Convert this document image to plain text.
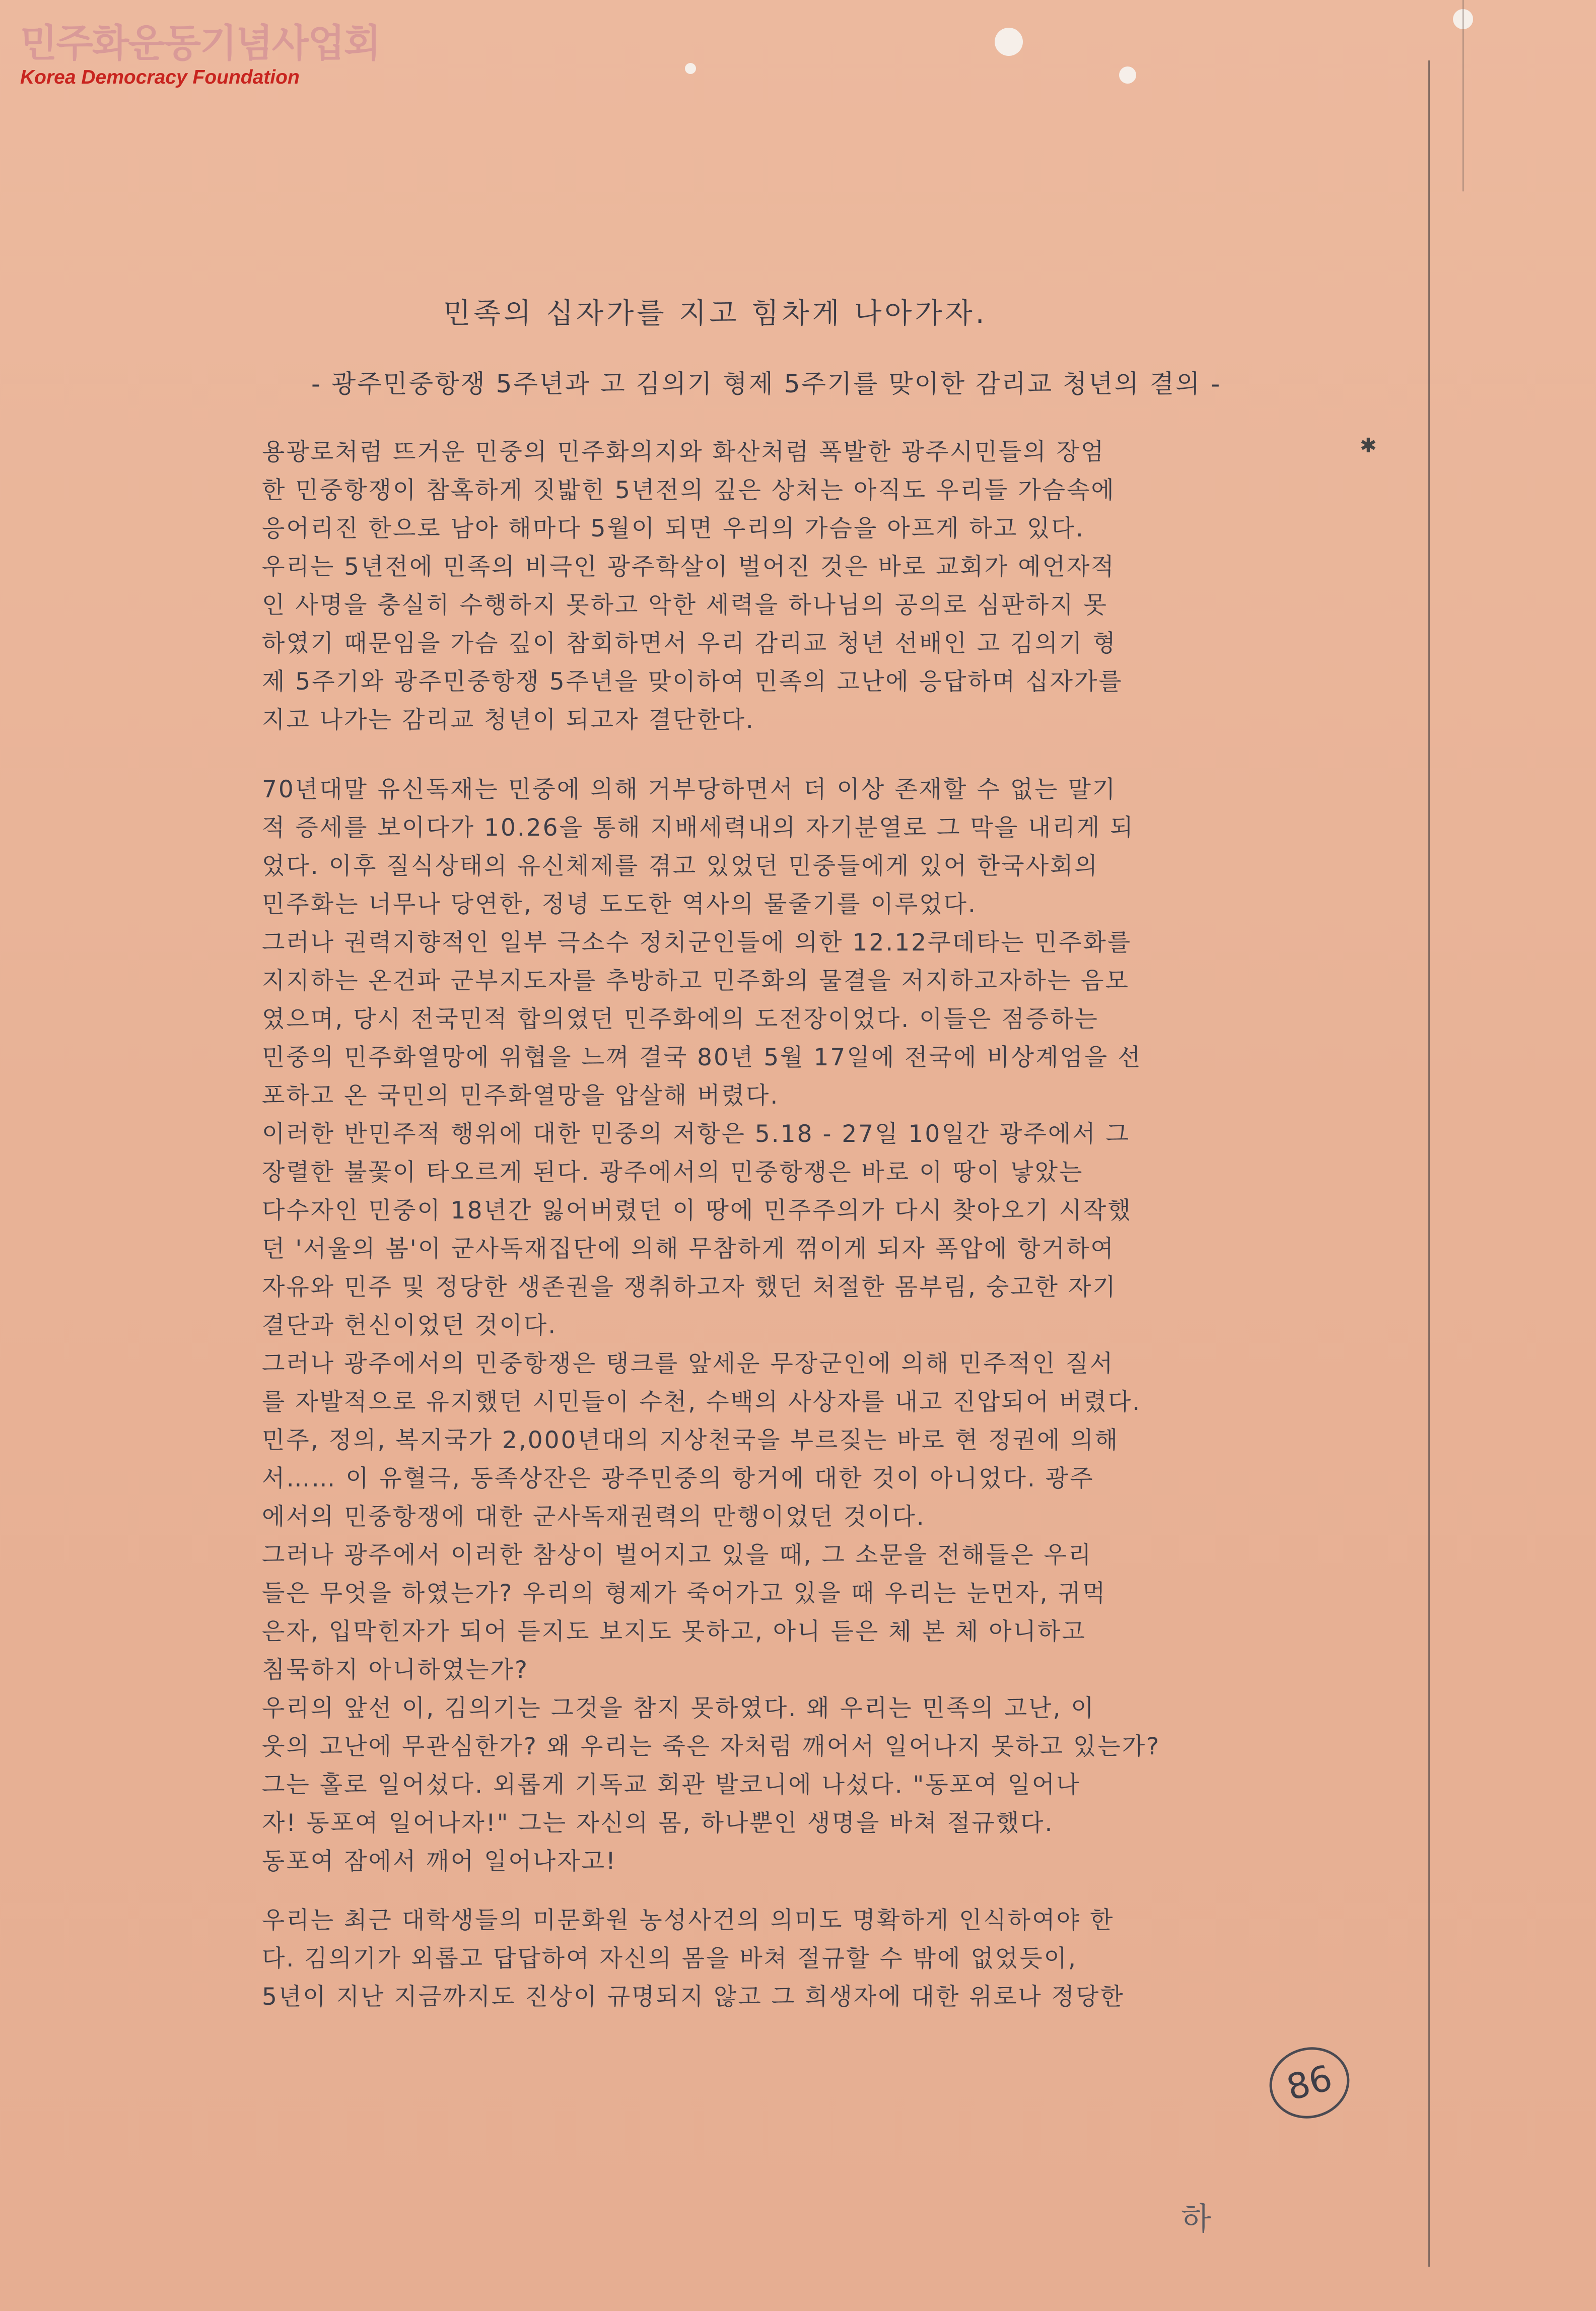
민주화운동기념사업회
Korea Democracy Foundation
✱
민족의 십자가를 지고 힘차게 나아가자.
- 광주민중항쟁 5주년과 고 김의기 형제 5주기를 맞이한 감리교 청년의 결의 -
용광로처럼 뜨거운 민중의 민주화의지와 화산처럼 폭발한 광주시민들의 장엄
한 민중항쟁이 참혹하게 짓밟힌 5년전의 깊은 상처는 아직도 우리들 가슴속에
응어리진 한으로 남아 해마다 5월이 되면 우리의 가슴을 아프게 하고 있다.
우리는 5년전에 민족의 비극인 광주학살이 벌어진 것은 바로 교회가 예언자적
인 사명을 충실히 수행하지 못하고 악한 세력을 하나님의 공의로 심판하지 못
하였기 때문임을 가슴 깊이 참회하면서 우리 감리교 청년 선배인 고 김의기 형
제 5주기와 광주민중항쟁 5주년을 맞이하여 민족의 고난에 응답하며 십자가를
지고 나가는 감리교 청년이 되고자 결단한다.
70년대말 유신독재는 민중에 의해 거부당하면서 더 이상 존재할 수 없는 말기
적 증세를 보이다가 10.26을 통해 지배세력내의 자기분열로 그 막을 내리게 되
었다. 이후 질식상태의 유신체제를 겪고 있었던 민중들에게 있어 한국사회의
민주화는 너무나 당연한, 정녕 도도한 역사의 물줄기를 이루었다.
그러나 권력지향적인 일부 극소수 정치군인들에 의한 12.12쿠데타는 민주화를
지지하는 온건파 군부지도자를 추방하고 민주화의 물결을 저지하고자하는 음모
였으며, 당시 전국민적 합의였던 민주화에의 도전장이었다. 이들은 점증하는
민중의 민주화열망에 위협을 느껴 결국 80년 5월 17일에 전국에 비상계엄을 선
포하고 온 국민의 민주화열망을 압살해 버렸다.
이러한 반민주적 행위에 대한 민중의 저항은 5.18 - 27일 10일간 광주에서 그
장렬한 불꽃이 타오르게 된다. 광주에서의 민중항쟁은 바로 이 땅이 낳았는
다수자인 민중이 18년간 잃어버렸던 이 땅에 민주주의가 다시 찾아오기 시작했
던 '서울의 봄'이 군사독재집단에 의해 무참하게 꺾이게 되자 폭압에 항거하여
자유와 민주 및 정당한 생존권을 쟁취하고자 했던 처절한 몸부림, 숭고한 자기
결단과 헌신이었던 것이다.
그러나 광주에서의 민중항쟁은 탱크를 앞세운 무장군인에 의해 민주적인 질서
를 자발적으로 유지했던 시민들이 수천, 수백의 사상자를 내고 진압되어 버렸다.
민주, 정의, 복지국가 2,000년대의 지상천국을 부르짖는 바로 현 정권에 의해
서…… 이 유혈극, 동족상잔은 광주민중의 항거에 대한 것이 아니었다. 광주
에서의 민중항쟁에 대한 군사독재권력의 만행이었던 것이다.
그러나 광주에서 이러한 참상이 벌어지고 있을 때, 그 소문을 전해들은 우리
들은 무엇을 하였는가? 우리의 형제가 죽어가고 있을 때 우리는 눈먼자, 귀먹
은자, 입막힌자가 되어 듣지도 보지도 못하고, 아니 듣은 체 본 체 아니하고
침묵하지 아니하였는가?
우리의 앞선 이, 김의기는 그것을 참지 못하였다. 왜 우리는 민족의 고난, 이
웃의 고난에 무관심한가? 왜 우리는 죽은 자처럼 깨어서 일어나지 못하고 있는가?
그는 홀로 일어섰다. 외롭게 기독교 회관 발코니에 나섰다. "동포여 일어나
자! 동포여 일어나자!" 그는 자신의 몸, 하나뿐인 생명을 바쳐 절규했다.
동포여 잠에서 깨어 일어나자고!
우리는 최근 대학생들의 미문화원 농성사건의 의미도 명확하게 인식하여야 한
다. 김의기가 외롭고 답답하여 자신의 몸을 바쳐 절규할 수 밖에 없었듯이,
5년이 지난 지금까지도 진상이 규명되지 않고 그 희생자에 대한 위로나 정당한
86
하
